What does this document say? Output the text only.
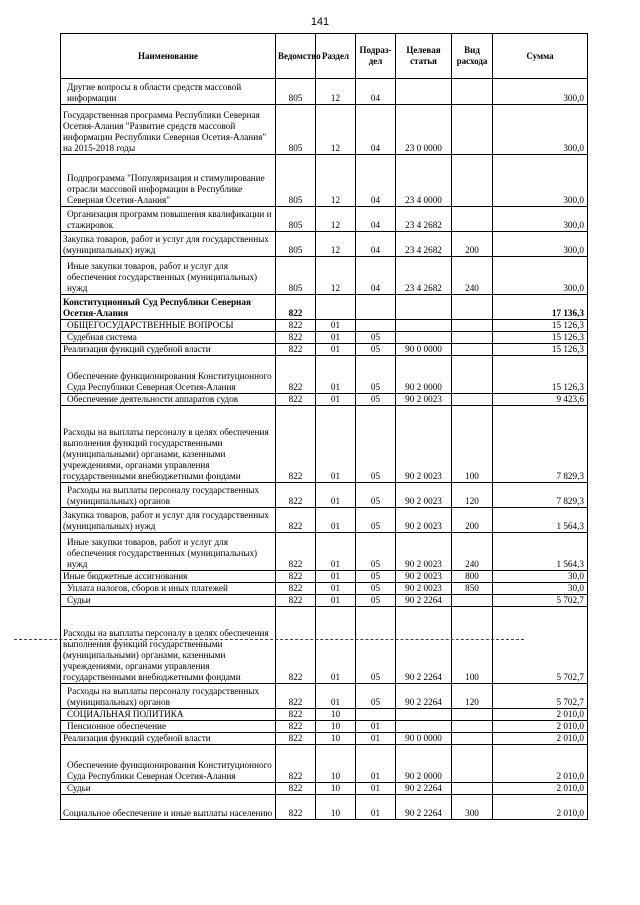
141
Наименование	Ведомство	Раздел	Подраз-дел	Целевая статья	Вид расхода	Сумма
Другие вопросы в области средств массовой информации	805	12	04			300,0
Государственная программа Республики Северная Осетия-Алания "Развитие средств массовой информации Республики Северная Осетия-Алания" на 2015-2018 годы	805	12	04	23 0 0000		300,0
Подпрограмма "Популяризация и стимулирование отрасли массовой информации в Республике Северная Осетия-Алания"	805	12	04	23 4 0000		300,0
Организация программ повышения квалификации и стажировок	805	12	04	23 4 2682		300,0
Закупка товаров, работ и услуг для государственных (муниципальных) нужд	805	12	04	23 4 2682	200	300,0
Иные закупки товаров, работ и услуг для обеспечения государственных (муниципальных) нужд	805	12	04	23 4 2682	240	300,0
Конституционный Суд Республики Северная Осетия-Алания	822					17 136,3
ОБЩЕГОСУДАРСТВЕННЫЕ ВОПРОСЫ	822	01				15 126,3
Судебная система	822	01	05			15 126,3
Реализация функций судебной власти	822	01	05	90 0 0000		15 126,3
Обеспечение функционирования Конституционного Суда Республики Северная Осетия-Алания	822	01	05	90 2 0000		15 126,3
Обеспечение деятельности аппаратов судов	822	01	05	90 2 0023		9 423,6
Расходы на выплаты персоналу в целях обеспечения выполнения функций государственными (муниципальными) органами, казенными учреждениями, органами управления государственными внебюджетными фондами	822	01	05	90 2 0023	100	7 829,3
Расходы на выплаты персоналу государственных (муниципальных) органов	822	01	05	90 2 0023	120	7 829,3
Закупка товаров, работ и услуг для государственных (муниципальных) нужд	822	01	05	90 2 0023	200	1 564,3
Иные закупки товаров, работ и услуг для обеспечения государственных (муниципальных) нужд	822	01	05	90 2 0023	240	1 564,3
Иные бюджетные ассигнования	822	01	05	90 2 0023	800	30,0
Уплата налогов, сборов и иных платежей	822	01	05	90 2 0023	850	30,0
Судьи	822	01	05	90 2 2264		5 702,7
Расходы на выплаты персоналу в целях обеспечения выполнения функций государственными (муниципальными) органами, казенными учреждениями, органами управления государственными внебюджетными фондами	822	01	05	90 2 2264	100	5 702,7
Расходы на выплаты персоналу государственных (муниципальных) органов	822	01	05	90 2 2264	120	5 702,7
СОЦИАЛЬНАЯ ПОЛИТИКА	822	10				2 010,0
Пенсионное обеспечение	822	10	01			2 010,0
Реализация функций судебной власти	822	10	01	90 0 0000		2 010,0
Обеспечение функционирования Конституционного Суда Республики Северная Осетия-Алания	822	10	01	90 2 0000		2 010,0
Судьи	822	10	01	90 2 2264		2 010,0
Социальное обеспечение и иные выплаты населению	822	10	01	90 2 2264	300	2 010,0
